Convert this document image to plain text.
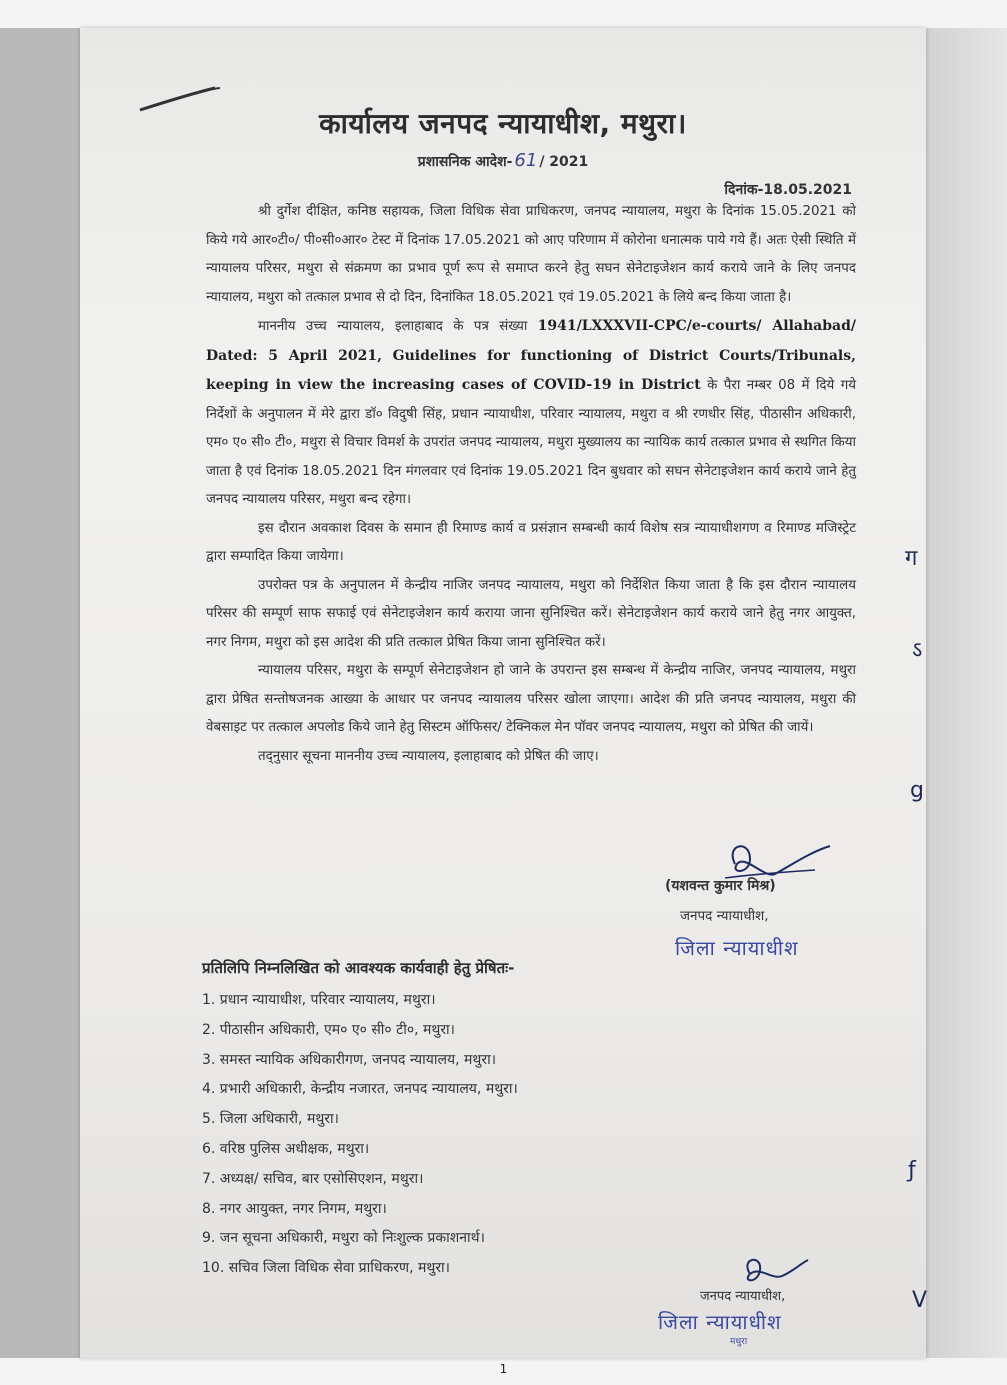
कार्यालय जनपद न्यायाधीश, मथुरा।
प्रशासनिक आदेश- 61 / 2021
दिनांक-18.05.2021

श्री दुर्गेश दीक्षित, कनिष्ठ सहायक, जिला विधिक सेवा प्राधिकरण, जनपद न्यायालय, मथुरा के दिनांक 15.05.2021 को किये गये आर०टी०/ पी०सी०आर० टेस्ट में दिनांक 17.05.2021 को आए परिणाम में कोरोना धनात्मक पाये गये हैं। अतः ऐसी स्थिति में न्यायालय परिसर, मथुरा से संक्रमण का प्रभाव पूर्ण रूप से समाप्त करने हेतु सघन सेनेटाइजेशन कार्य कराये जाने के लिए जनपद न्यायालय, मथुरा को तत्काल प्रभाव से दो दिन, दिनांकित 18.05.2021 एवं 19.05.2021 के लिये बन्द किया जाता है।

माननीय उच्च न्यायालय, इलाहाबाद के पत्र संख्या 1941/LXXXVII-CPC/e-courts/ Allahabad/ Dated: 5 April 2021, Guidelines for functioning of District Courts/Tribunals, keeping in view the increasing cases of COVID-19 in District के पैरा नम्बर 08 में दिये गये निर्देशों के अनुपालन में मेरे द्वारा डॉ० विदुषी सिंह, प्रधान न्यायाधीश, परिवार न्यायालय, मथुरा व श्री रणधीर सिंह, पीठासीन अधिकारी, एम० ए० सी० टी०, मथुरा से विचार विमर्श के उपरांत जनपद न्यायालय, मथुरा मुख्यालय का न्यायिक कार्य तत्काल प्रभाव से स्थगित किया जाता है एवं दिनांक 18.05.2021 दिन मंगलवार एवं दिनांक 19.05.2021 दिन बुधवार को सघन सेनेटाइजेशन कार्य कराये जाने हेतु जनपद न्यायालय परिसर, मथुरा बन्द रहेगा।

इस दौरान अवकाश दिवस के समान ही रिमाण्ड कार्य व प्रसंज्ञान सम्बन्धी कार्य विशेष सत्र न्यायाधीशगण व रिमाण्ड मजिस्ट्रेट द्वारा सम्पादित किया जायेगा।

उपरोक्त पत्र के अनुपालन में केन्द्रीय नाजिर जनपद न्यायालय, मथुरा को निर्देशित किया जाता है कि इस दौरान न्यायालय परिसर की सम्पूर्ण साफ सफाई एवं सेनेटाइजेशन कार्य कराया जाना सुनिश्चित करें। सेनेटाइजेशन कार्य कराये जाने हेतु नगर आयुक्त, नगर निगम, मथुरा को इस आदेश की प्रति तत्काल प्रेषित किया जाना सुनिश्चित करें।

न्यायालय परिसर, मथुरा के सम्पूर्ण सेनेटाइजेशन हो जाने के उपरान्त इस सम्बन्ध में केन्द्रीय नाजिर, जनपद न्यायालय, मथुरा द्वारा प्रेषित सन्तोषजनक आख्या के आधार पर जनपद न्यायालय परिसर खोला जाएगा। आदेश की प्रति जनपद न्यायालय, मथुरा की वेबसाइट पर तत्काल अपलोड किये जाने हेतु सिस्टम ऑफिसर/ टेक्निकल मेन पॉवर जनपद न्यायालय, मथुरा को प्रेषित की जायें।

तद्नुसार सूचना माननीय उच्च न्यायालय, इलाहाबाद को प्रेषित की जाए।

(यशवन्त कुमार मिश्र)
जनपद न्यायाधीश,
जिला न्यायाधीश
प्रतिलिपि निम्नलिखित को आवश्यक कार्यवाही हेतु प्रेषितः-
1. प्रधान न्यायाधीश, परिवार न्यायालय, मथुरा।
2. पीठासीन अधिकारी, एम० ए० सी० टी०, मथुरा।
3. समस्त न्यायिक अधिकारीगण, जनपद न्यायालय, मथुरा।
4. प्रभारी अधिकारी, केन्द्रीय नजारत, जनपद न्यायालय, मथुरा।
5. जिला अधिकारी, मथुरा।
6. वरिष्ठ पुलिस अधीक्षक, मथुरा।
7. अध्यक्ष/ सचिव, बार एसोसिएशन, मथुरा।
8. नगर आयुक्त, नगर निगम, मथुरा।
9. जन सूचना अधिकारी, मथुरा को निःशुल्क प्रकाशनार्थ।
10. सचिव जिला विधिक सेवा प्राधिकरण, मथुरा।
जनपद न्यायाधीश,
जिला न्यायाधीश
मथुरा
ग
ऽ
g
ƒ
V
1
